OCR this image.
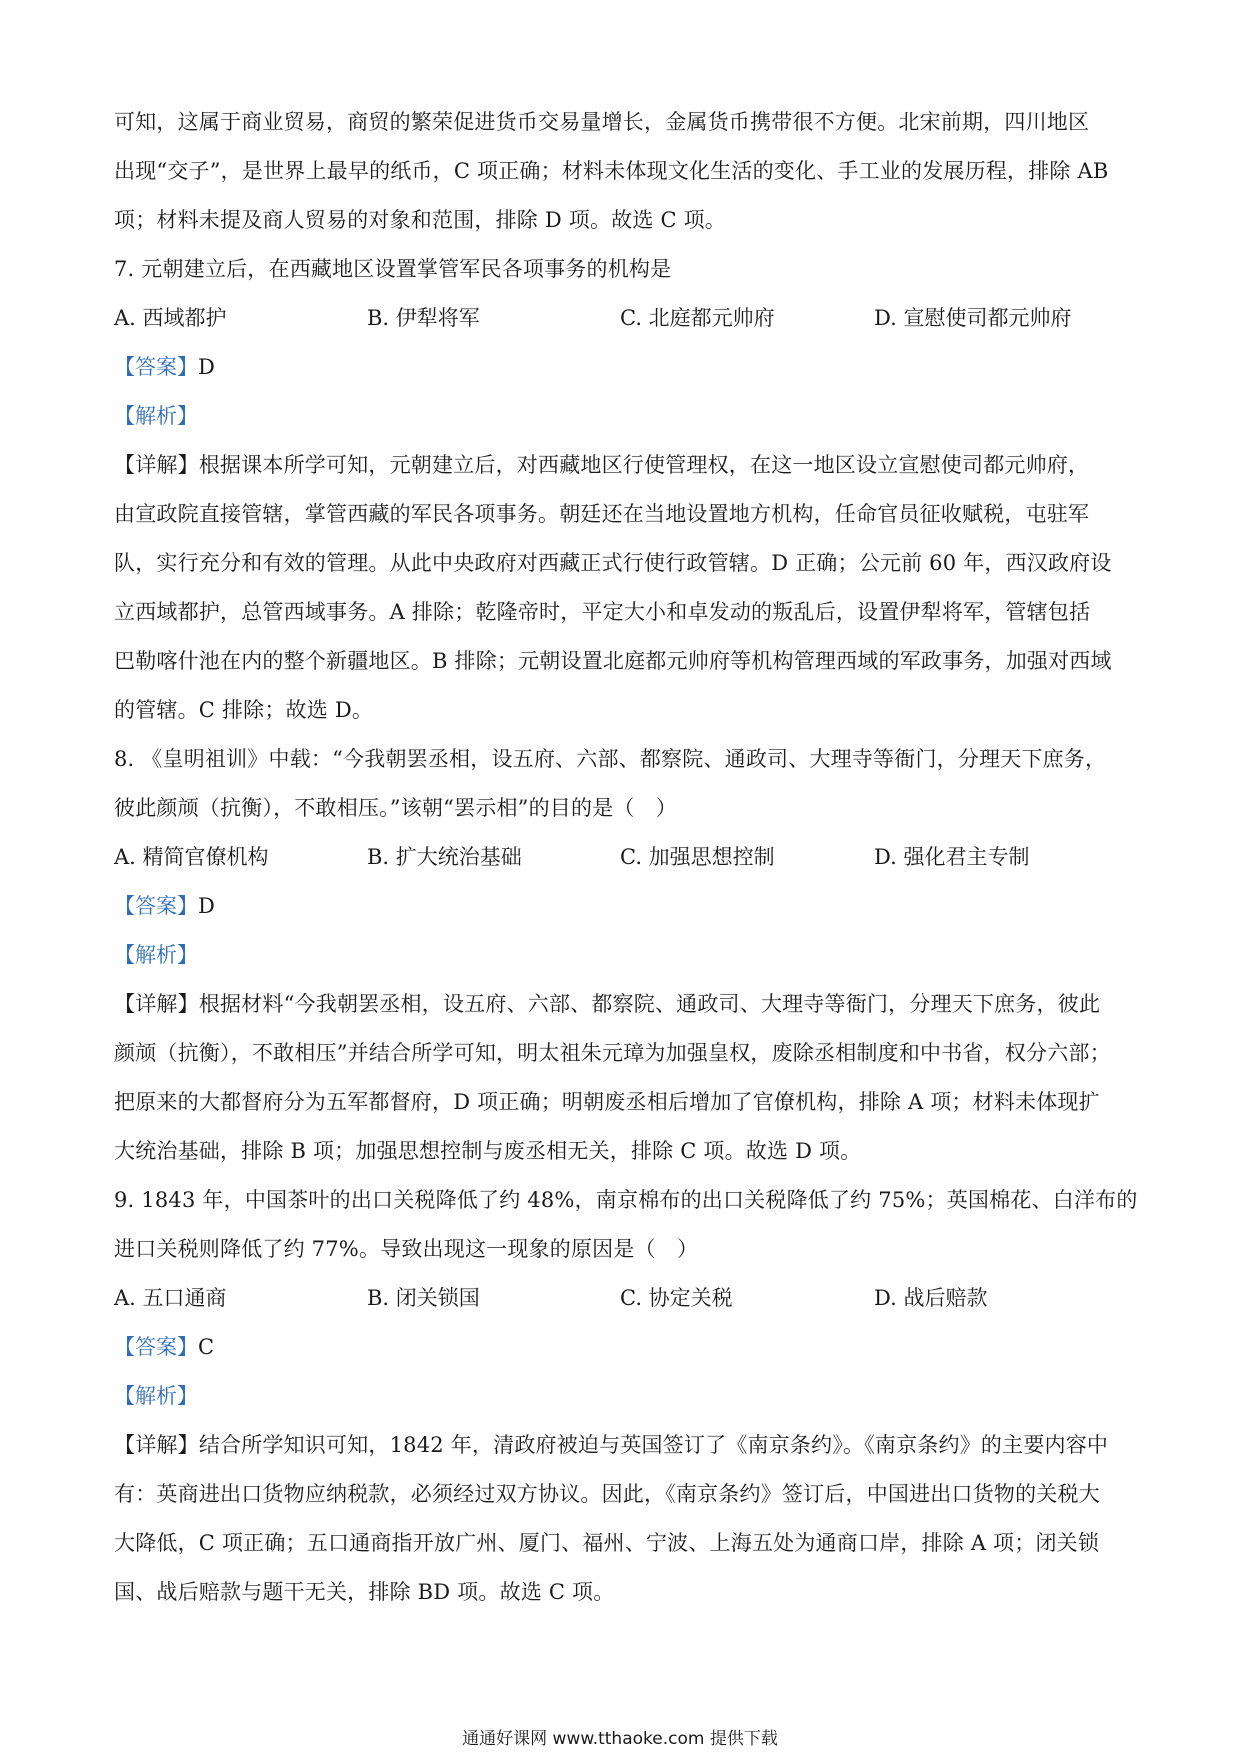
可知，这属于商业贸易，商贸的繁荣促进货币交易量增长，金属货币携带很不方便。北宋前期，四川地区
出现“交子”，是世界上最早的纸币，C 项正确；材料未体现文化生活的变化、手工业的发展历程，排除 AB
项；材料未提及商人贸易的对象和范围，排除 D 项。故选 C 项。
7. 元朝建立后，在西藏地区设置掌管军民各项事务的机构是
A. 西域都护	B. 伊犁将军	C. 北庭都元帅府	D. 宣慰使司都元帅府
【答案】D
【解析】
【详解】根据课本所学可知，元朝建立后，对西藏地区行使管理权，在这一地区设立宣慰使司都元帅府，
由宣政院直接管辖，掌管西藏的军民各项事务。朝廷还在当地设置地方机构，任命官员征收赋税，屯驻军
队，实行充分和有效的管理。从此中央政府对西藏正式行使行政管辖。D 正确；公元前 60 年，西汉政府设
立西域都护，总管西域事务。A 排除；乾隆帝时，平定大小和卓发动的叛乱后，设置伊犁将军，管辖包括
巴勒喀什池在内的整个新疆地区。B 排除；元朝设置北庭都元帅府等机构管理西域的军政事务，加强对西域
的管辖。C 排除；故选 D。
8. 《皇明祖训》中载：“今我朝罢丞相，设五府、六部、都察院、通政司、大理寺等衙门，分理天下庶务，
彼此颜颃（抗衡），不敢相压。”该朝“罢示相”的目的是（　）
A. 精简官僚机构	B. 扩大统治基础	C. 加强思想控制	D. 强化君主专制
【答案】D
【解析】
【详解】根据材料“今我朝罢丞相，设五府、六部、都察院、通政司、大理寺等衙门，分理天下庶务，彼此
颜颃（抗衡），不敢相压”并结合所学可知，明太祖朱元璋为加强皇权，废除丞相制度和中书省，权分六部；
把原来的大都督府分为五军都督府，D 项正确；明朝废丞相后增加了官僚机构，排除 A 项；材料未体现扩
大统治基础，排除 B 项；加强思想控制与废丞相无关，排除 C 项。故选 D 项。
9. 1843 年，中国茶叶的出口关税降低了约 48%，南京棉布的出口关税降低了约 75%；英国棉花、白洋布的
进口关税则降低了约 77%。导致出现这一现象的原因是（　）
A. 五口通商	B. 闭关锁国	C. 协定关税	D. 战后赔款
【答案】C
【解析】
【详解】结合所学知识可知，1842 年，清政府被迫与英国签订了《南京条约》。《南京条约》的主要内容中
有：英商进出口货物应纳税款，必须经过双方协议。因此，《南京条约》签订后，中国进出口货物的关税大
大降低，C 项正确；五口通商指开放广州、厦门、福州、宁波、上海五处为通商口岸，排除 A 项；闭关锁
国、战后赔款与题干无关，排除 BD 项。故选 C 项。
通通好课网 www.tthaoke.com 提供下载
